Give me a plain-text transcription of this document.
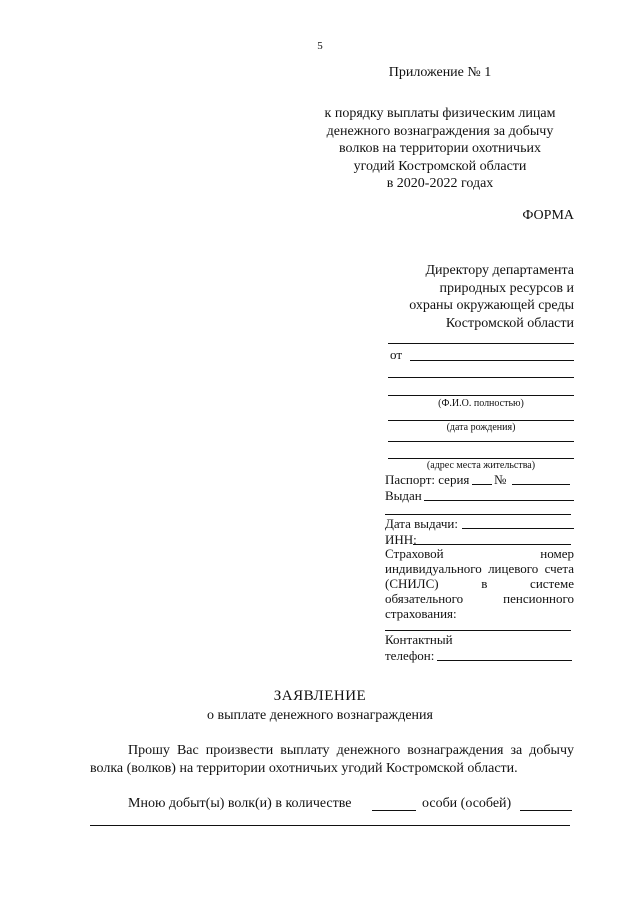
5
Приложение № 1
к порядку выплаты физическим лицам
денежного вознаграждения за добычу
волков на территории охотничьих
угодий Костромской области
в 2020-2022 годах
ФОРМА
Директору департамента
природных ресурсов и
охраны окружающей среды
Костромской области
от
(Ф.И.О. полностью)
(дата рождения)
(адрес места жительства)
Паспорт: серия №
Выдан
Дата выдачи:
ИНН:
Страховой	номер
индивидуального лицевого счета
(СНИЛС)	в	системе
обязательного	пенсионного
страхования:
Контактный
телефон:
ЗАЯВЛЕНИЕ
о выплате денежного вознаграждения
Прошу Вас произвести выплату денежного вознаграждения за добычу волка (волков) на территории охотничьих угодий Костромской области.
Мною добыт(ы) волк(и) в количестве	особи (особей)
